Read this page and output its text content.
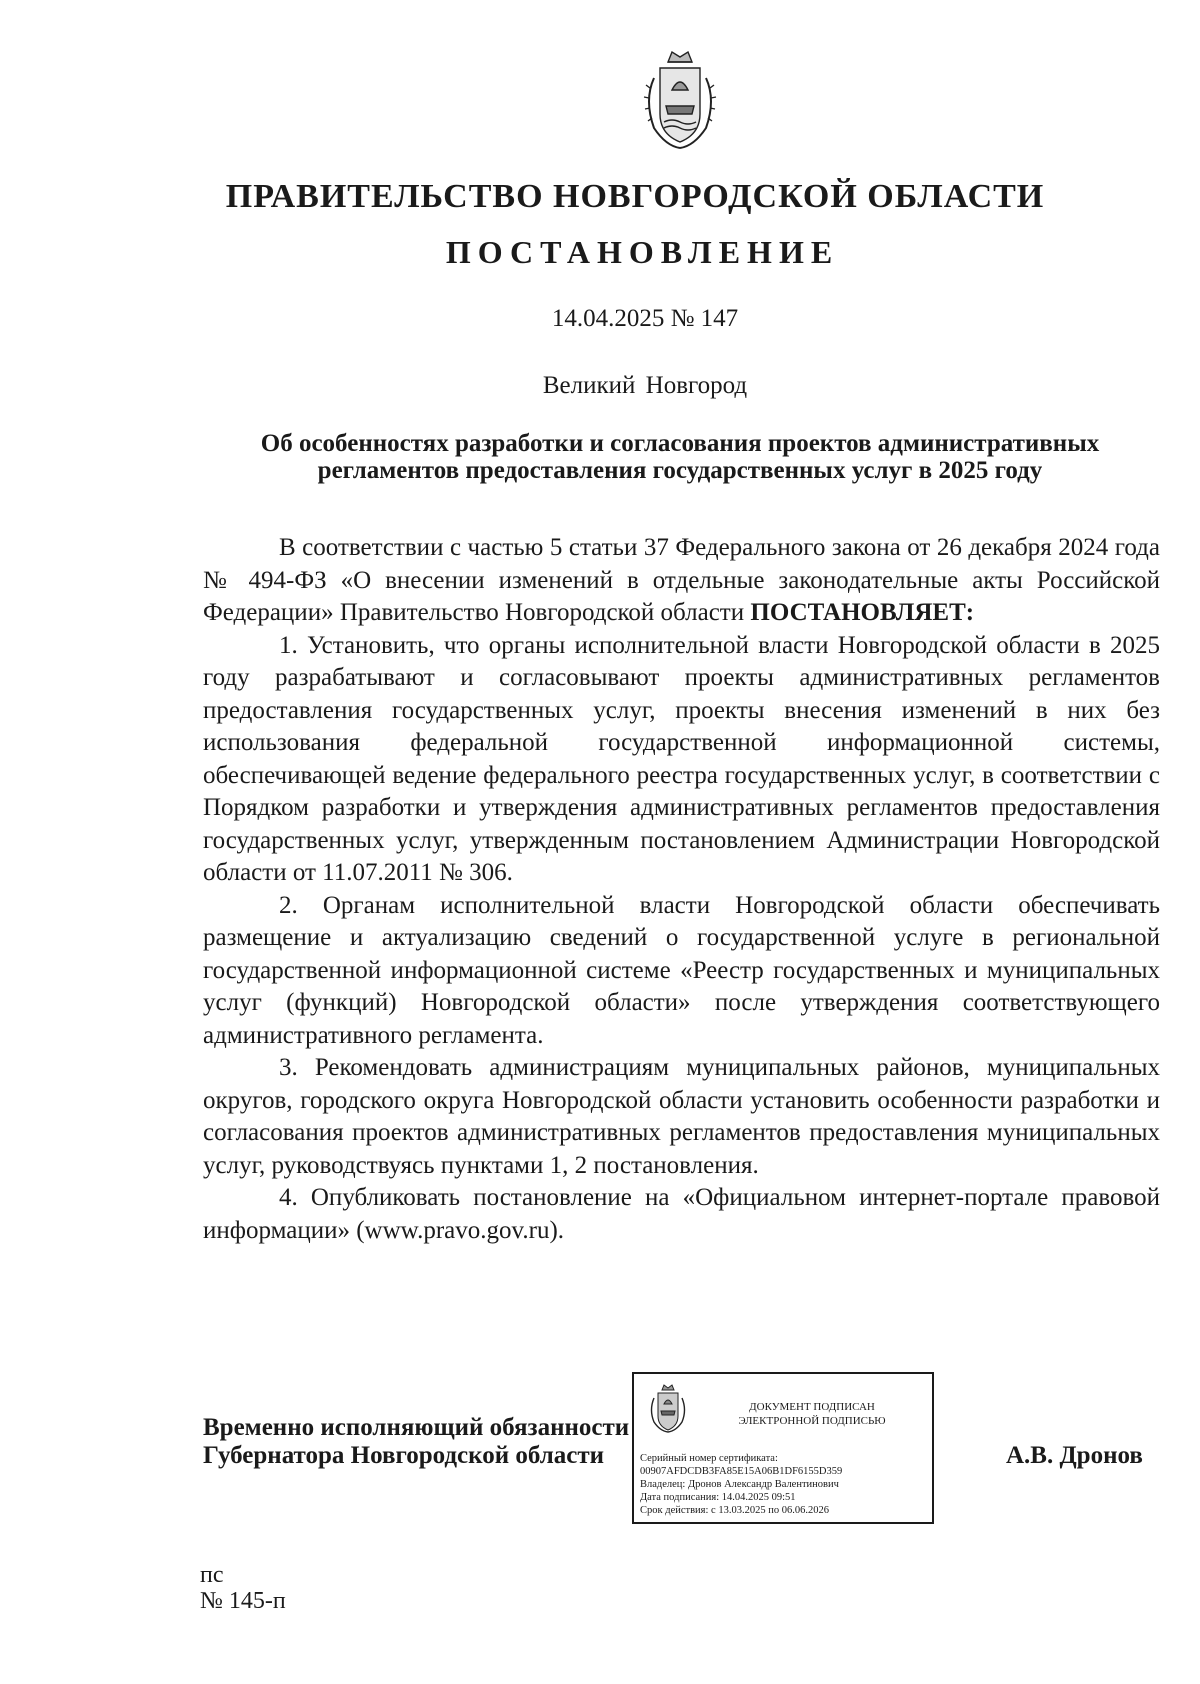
ПРАВИТЕЛЬСТВО НОВГОРОДСКОЙ ОБЛАСТИ
ПОСТАНОВЛЕНИЕ
14.04.2025 № 147
Великий Новгород
Об особенностях разработки и согласования проектов административных
регламентов предоставления государственных услуг в 2025 году

В соответствии с частью 5 статьи 37 Федерального закона от 26 декабря 2024 года № 494-ФЗ «О внесении изменений в отдельные законодательные акты Российской Федерации» Правительство Новгородской области ПОСТАНОВЛЯЕТ:

1. Установить, что органы исполнительной власти Новгородской области в 2025 году разрабатывают и согласовывают проекты административных регламентов предоставления государственных услуг, проекты внесения изменений в них без использования федеральной государственной информационной системы, обеспечивающей ведение федерального реестра государственных услуг, в соответствии с Порядком разработки и утверждения административных регламентов предоставления государственных услуг, утвержденным постановлением Администрации Новгородской области от 11.07.2011 № 306.

2. Органам исполнительной власти Новгородской области обеспечивать размещение и актуализацию сведений о государственной услуге в региональной государственной информационной системе «Реестр государственных и муниципальных услуг (функций) Новгородской области» после утверждения соответствующего административного регламента.

3. Рекомендовать администрациям муниципальных районов, муниципальных округов, городского округа Новгородской области установить особенности разработки и согласования проектов административных регламентов предоставления муниципальных услуг, руководствуясь пунктами 1, 2 постановления.

4. Опубликовать постановление на «Официальном интернет-портале правовой информации» (www.pravo.gov.ru).

Временно исполняющий обязанности
Губернатора Новгородской области
ДОКУМЕНТ ПОДПИСАН
ЭЛЕКТРОННОЙ ПОДПИСЬЮ
Серийный номер сертификата:
00907AFDCDB3FA85E15A06B1DF6155D359
Владелец: Дронов Александр Валентинович
Дата подписания: 14.04.2025 09:51
Срок действия: с 13.03.2025 по 06.06.2026
А.В. Дронов
пс
№ 145-п
